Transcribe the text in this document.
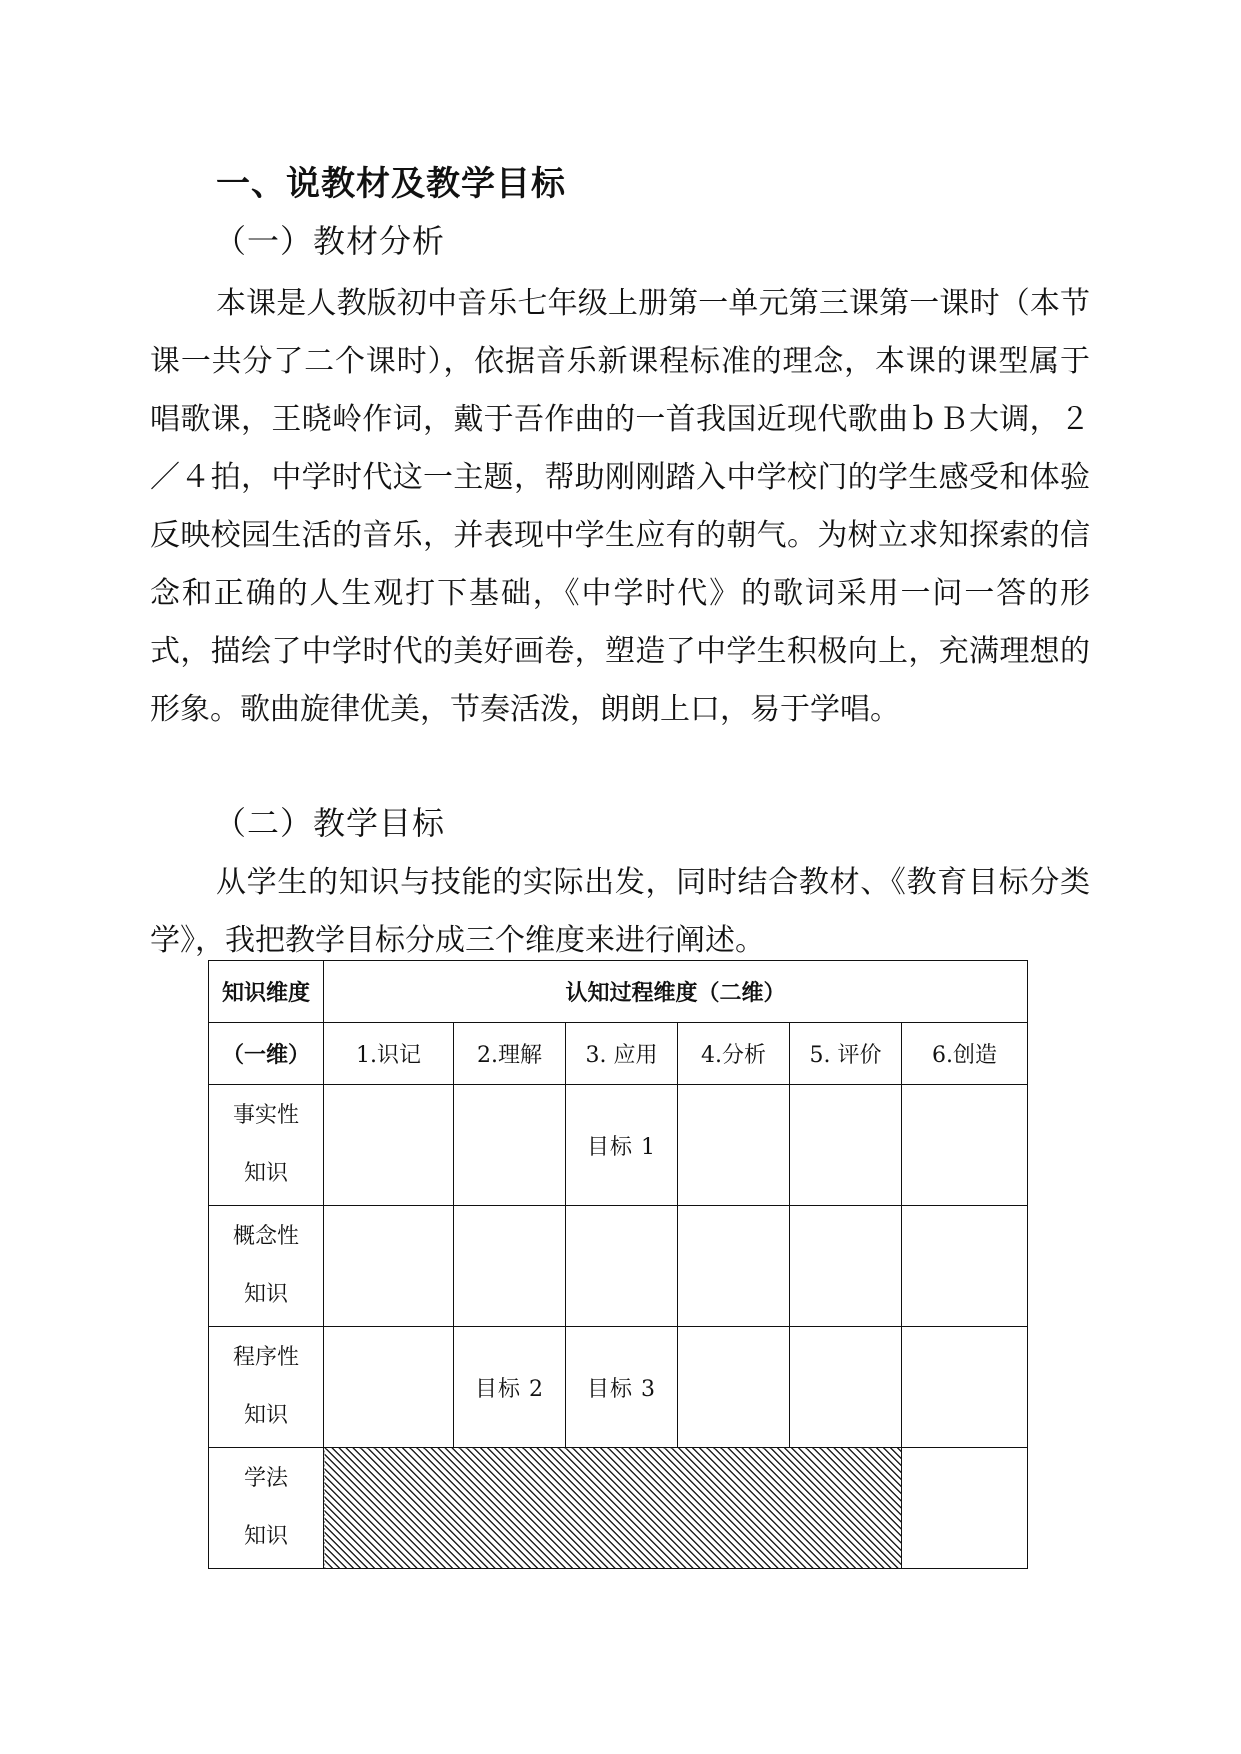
一、说教材及教学目标
（一）教材分析
本课是人教版初中音乐七年级上册第一单元第三课第一课时（本节课一共分了二个课时），依据音乐新课程标准的理念，本课的课型属于唱歌课，王晓岭作词，戴于吾作曲的一首我国近现代歌曲ｂＢ大调，２／４拍，中学时代这一主题，帮助刚刚踏入中学校门的学生感受和体验反映校园生活的音乐，并表现中学生应有的朝气。为树立求知探索的信念和正确的人生观打下基础，《中学时代》的歌词采用一问一答的形式，描绘了中学时代的美好画卷，塑造了中学生积极向上，充满理想的形象。歌曲旋律优美，节奏活泼，朗朗上口，易于学唱。
（二）教学目标
从学生的知识与技能的实际出发，同时结合教材、《教育目标分类学》，我把教学目标分成三个维度来进行阐述。
知识维度	认知过程维度（二维）					
（一维）	1.识记	2.理解	3. 应用	4.分析	5. 评价	6.创造

事实性
知识			目标 1			

概念性
知识						

程序性
知识		目标 2	目标 3			

学法
知识						
